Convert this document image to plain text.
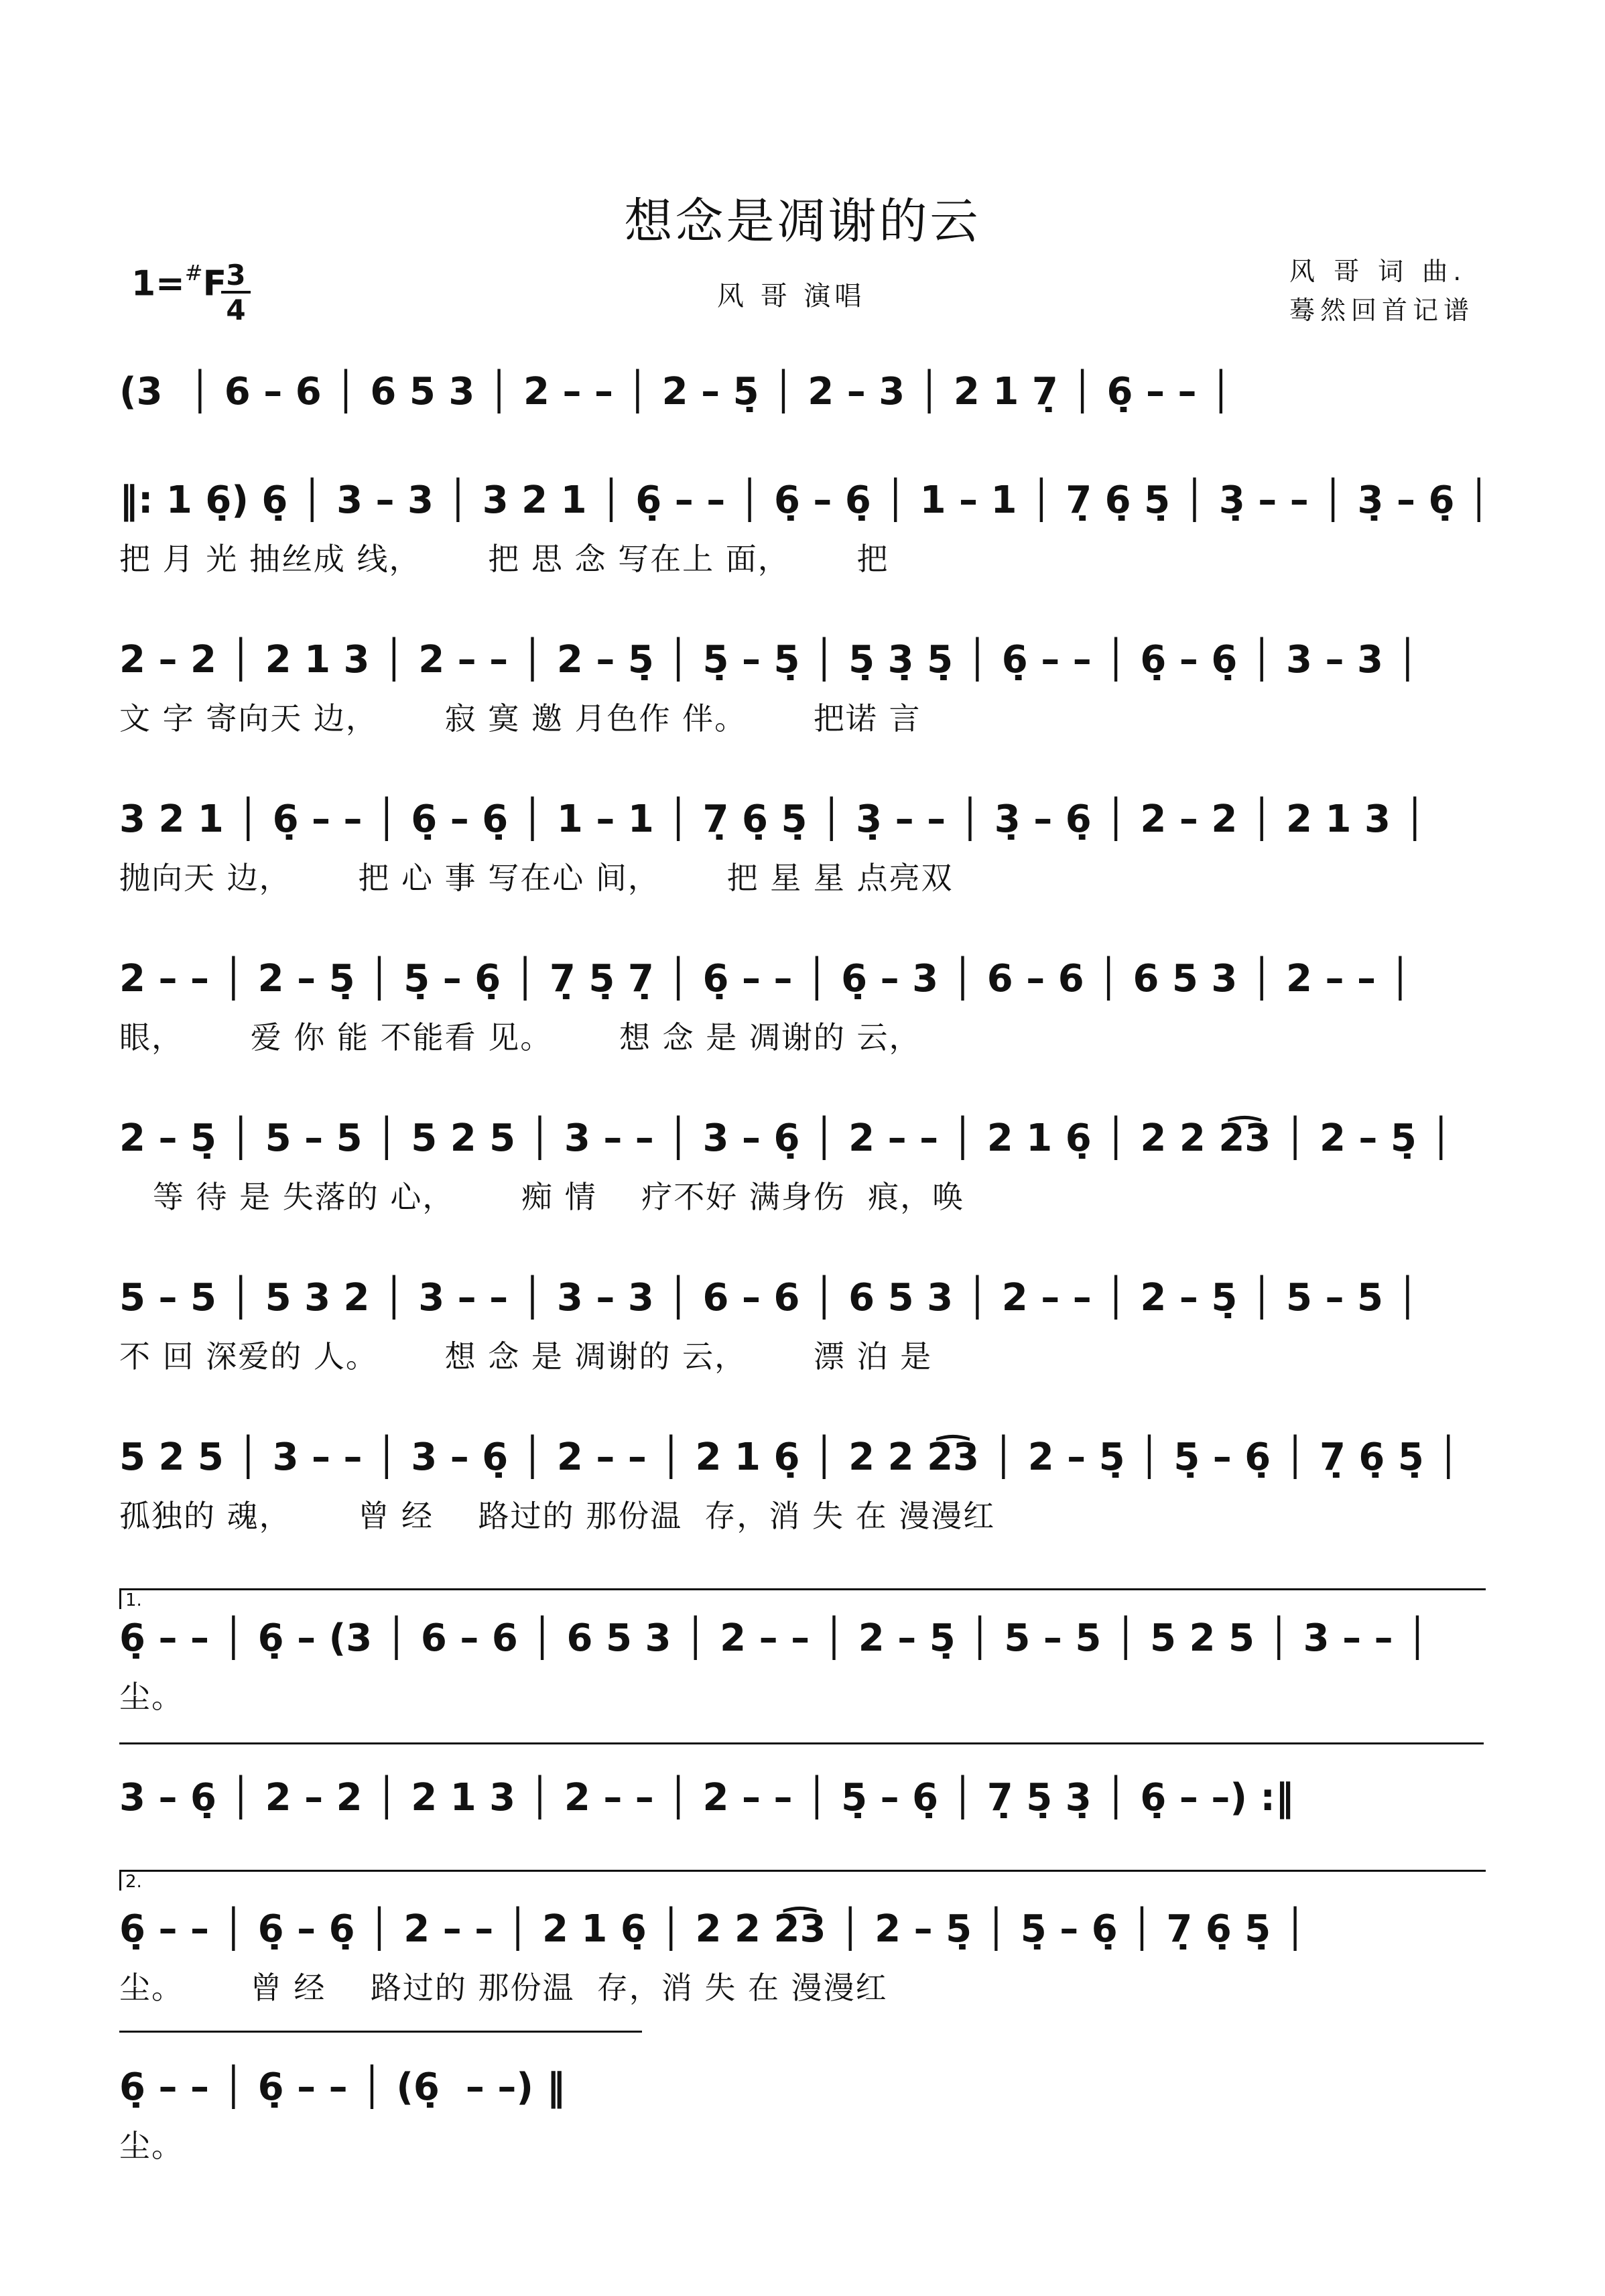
想念是凋谢的云
1=#F 3
4	风 哥 演唱
风 哥 词 曲.
蓦然回首记谱
(3  │ 6 – 6 │ 6 5 3 │ 2 – – │ 2 – 5̣ │ 2 – 3 │ 2 1 7̣ │ 6̣ – – │
‖: 1 6̣) 6̣ │ 3 – 3 │ 3 2 1 │ 6̣ – – │ 6̣ – 6̣ │ 1 – 1 │ 7̣ 6̣ 5̣ │ 3̣ – – │ 3̣ – 6̣ │
把 月 光 抽丝成 线，      把 思 念 写在上 面，      把
2 – 2 │ 2 1 3 │ 2 – – │ 2 – 5̣ │ 5̣ – 5̣ │ 5̣ 3̣ 5̣ │ 6̣ – – │ 6̣ – 6̣ │ 3 – 3 │
文 字 寄向天 边，      寂 寞 邀 月色作 伴。      把诺 言
3 2 1 │ 6̣ – – │ 6̣ – 6̣ │ 1 – 1 │ 7̣ 6̣ 5̣ │ 3̣ – – │ 3̣ – 6̣ │ 2 – 2 │ 2 1 3 │
抛向天 边，      把 心 事 写在心 间，      把 星 星 点亮双
2 – – │ 2 – 5̣ │ 5̣ – 6̣ │ 7̣ 5̣ 7̣ │ 6̣ – – │ 6̣ – 3 │ 6 – 6 │ 6 5 3 │ 2 – – │
眼，      爱 你 能 不能看 见。      想 念 是 凋谢的 云，
2 – 5̣ │ 5 – 5 │ 5 2 5 │ 3 – – │ 3 – 6̣ │ 2 – – │ 2 1 6̣ │ 2 2 2͡3 │ 2 – 5̣ │
等 待 是 失落的 心，      痴 情    疗不好 满身伤  痕，唤
5 – 5 │ 5 3 2 │ 3 – – │ 3 – 3 │ 6 – 6 │ 6 5 3 │ 2 – – │ 2 – 5̣ │ 5 – 5 │
不 回 深爱的 人。      想 念 是 凋谢的 云，      漂 泊 是
5 2 5 │ 3 – – │ 3 – 6̣ │ 2 – – │ 2 1 6̣ │ 2 2 2͡3 │ 2 – 5̣ │ 5̣ – 6̣ │ 7̣ 6̣ 5̣ │
孤独的 魂，      曾 经    路过的 那份温  存，消 失 在 漫漫红
1.
6̣ – – │ 6̣ – (3 │ 6 – 6 │ 6 5 3 │ 2 – – │ 2 – 5̣ │ 5 – 5 │ 5 2 5 │ 3 – – │
尘。
3 – 6̣ │ 2 – 2 │ 2 1 3 │ 2 – – │ 2 – – │ 5̣ – 6̣ │ 7̣ 5̣ 3̣ │ 6̣ – –) :‖
2.
6̣ – – │ 6̣ – 6̣ │ 2 – – │ 2 1 6̣ │ 2 2 2͡3 │ 2 – 5̣ │ 5̣ – 6̣ │ 7̣ 6̣ 5̣ │
尘。      曾 经    路过的 那份温  存，消 失 在 漫漫红
6̣ – – │ 6̣ – – │ (6̣  – –) ‖
尘。
